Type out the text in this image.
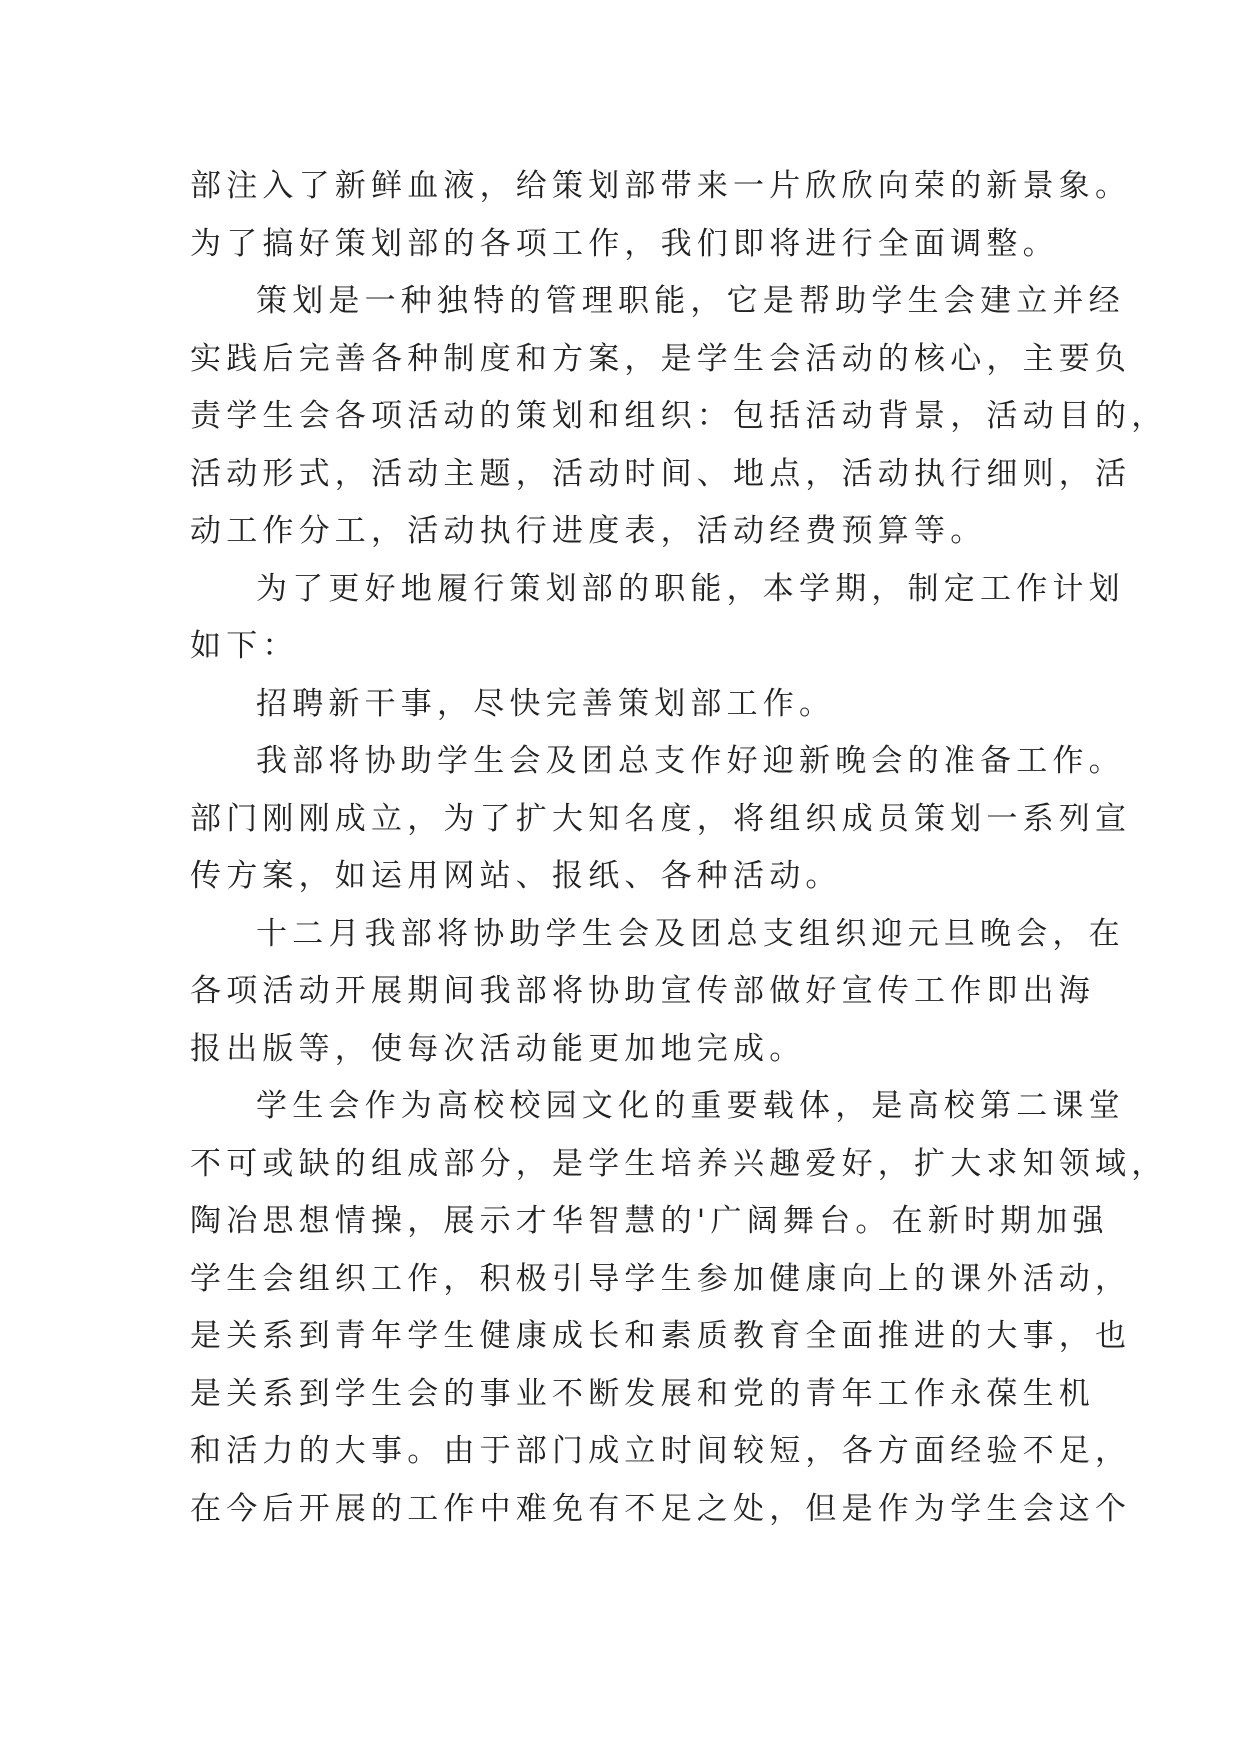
部注入了新鲜血液，给策划部带来一片欣欣向荣的新景象。
为了搞好策划部的各项工作，我们即将进行全面调整。
策划是一种独特的管理职能，它是帮助学生会建立并经
实践后完善各种制度和方案，是学生会活动的核心，主要负
责学生会各项活动的策划和组织：包括活动背景，活动目的，
活动形式，活动主题，活动时间、地点，活动执行细则，活
动工作分工，活动执行进度表，活动经费预算等。
为了更好地履行策划部的职能，本学期，制定工作计划
如下：
招聘新干事，尽快完善策划部工作。
我部将协助学生会及团总支作好迎新晚会的准备工作。
部门刚刚成立，为了扩大知名度，将组织成员策划一系列宣
传方案，如运用网站、报纸、各种活动。
十二月我部将协助学生会及团总支组织迎元旦晚会，在
各项活动开展期间我部将协助宣传部做好宣传工作即出海
报出版等，使每次活动能更加地完成。
学生会作为高校校园文化的重要载体，是高校第二课堂
不可或缺的组成部分，是学生培养兴趣爱好，扩大求知领域，
陶冶思想情操，展示才华智慧的'广阔舞台。在新时期加强
学生会组织工作，积极引导学生参加健康向上的课外活动，
是关系到青年学生健康成长和素质教育全面推进的大事，也
是关系到学生会的事业不断发展和党的青年工作永葆生机
和活力的大事。由于部门成立时间较短，各方面经验不足，
在今后开展的工作中难免有不足之处，但是作为学生会这个
